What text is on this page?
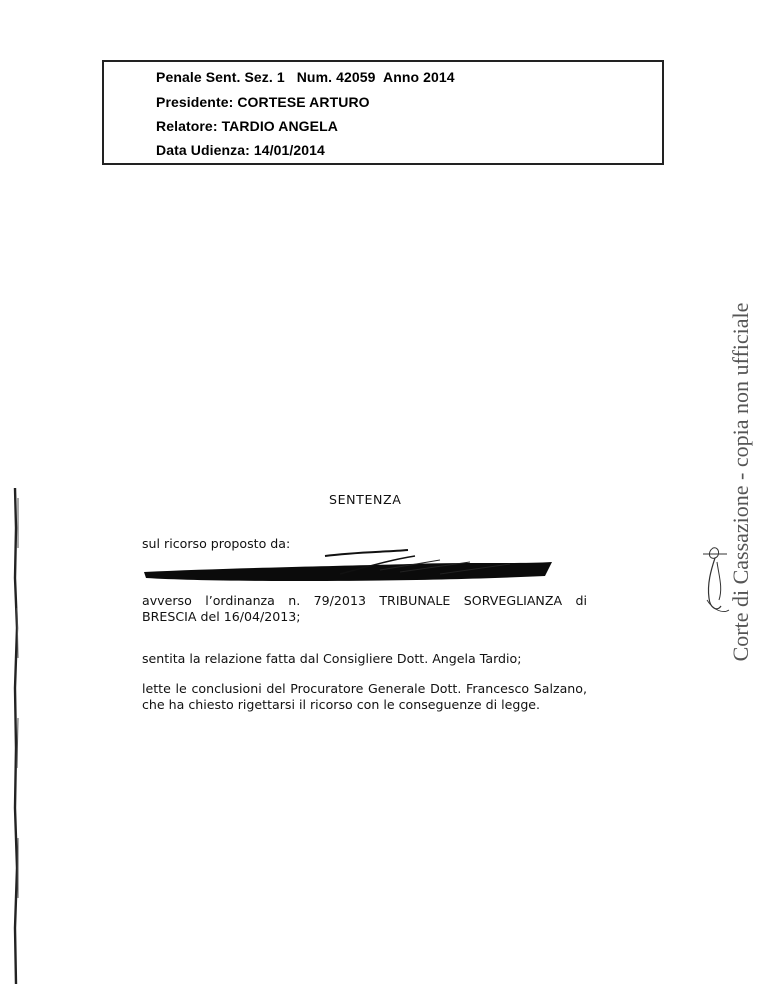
Penale Sent. Sez. 1   Num. 42059  Anno 2014
Presidente: CORTESE ARTURO
Relatore: TARDIO ANGELA
Data Udienza: 14/01/2014
Corte di Cassazione - copia non ufficiale
SENTENZA
sul ricorso proposto da:
avverso l’ordinanza n. 79/2013 TRIBUNALE SORVEGLIANZA di BRESCIA del 16/04/2013;
sentita la relazione fatta dal Consigliere Dott. Angela Tardio;
lette le conclusioni del Procuratore Generale Dott. Francesco Salzano, che ha chiesto rigettarsi il ricorso con le conseguenze di legge.
